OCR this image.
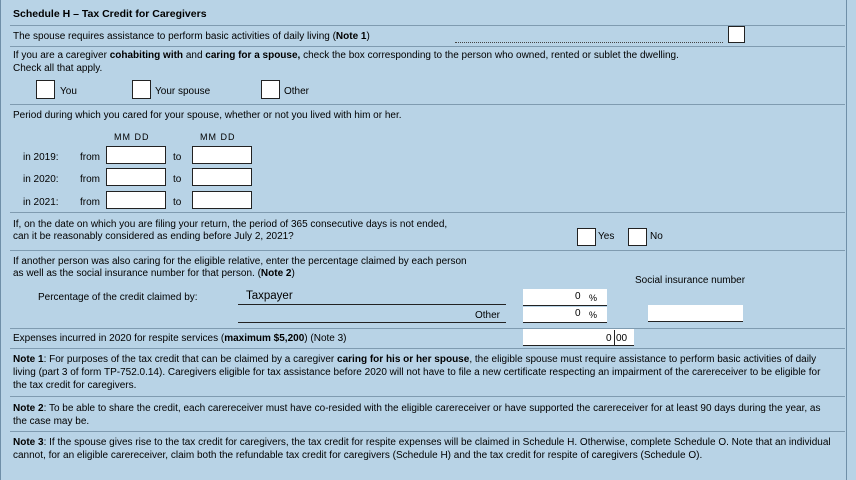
Schedule H – Tax Credit for Caregivers
The spouse requires assistance to perform basic activities of daily living (Note 1)
If you are a caregiver cohabiting with and caring for a spouse, check the box corresponding to the person who owned, rented or sublet the dwelling.
Check all that apply.
You	Your spouse	Other
Period during which you cared for your spouse, whether or not you lived with him or her.
MM DD	MM DD
in 2019: from	to
in 2020: from	to
in 2021: from	to
If, on the date on which you are filing your return, the period of 365 consecutive days is not ended,
can it be reasonably considered as ending before July 2, 2021?	Yes	No
If another person was also caring for the eligible relative, enter the percentage claimed by each person
as well as the social insurance number for that person. (Note 2)
Social insurance number
Percentage of the credit claimed by:	Taxpayer	0 %
Other	0 %
Expenses incurred in 2020 for respite services (maximum $5,200) (Note 3)	0 00
Note 1: For purposes of the tax credit that can be claimed by a caregiver caring for his or her spouse, the eligible spouse must require assistance to perform basic activities of daily living (part 3 of form TP-752.0.14). Caregivers eligible for tax assistance before 2020 will not have to file a new certificate respecting an impairment of the carereceiver to be eligible for the tax credit for caregivers.
Note 2: To be able to share the credit, each carereceiver must have co-resided with the eligible carereceiver or have supported the carereceiver for at least 90 days during the year, as the case may be.
Note 3: If the spouse gives rise to the tax credit for caregivers, the tax credit for respite expenses will be claimed in Schedule H. Otherwise, complete Schedule O. Note that an individual cannot, for an eligible carereceiver, claim both the refundable tax credit for caregivers (Schedule H) and the tax credit for respite of caregivers (Schedule O).
